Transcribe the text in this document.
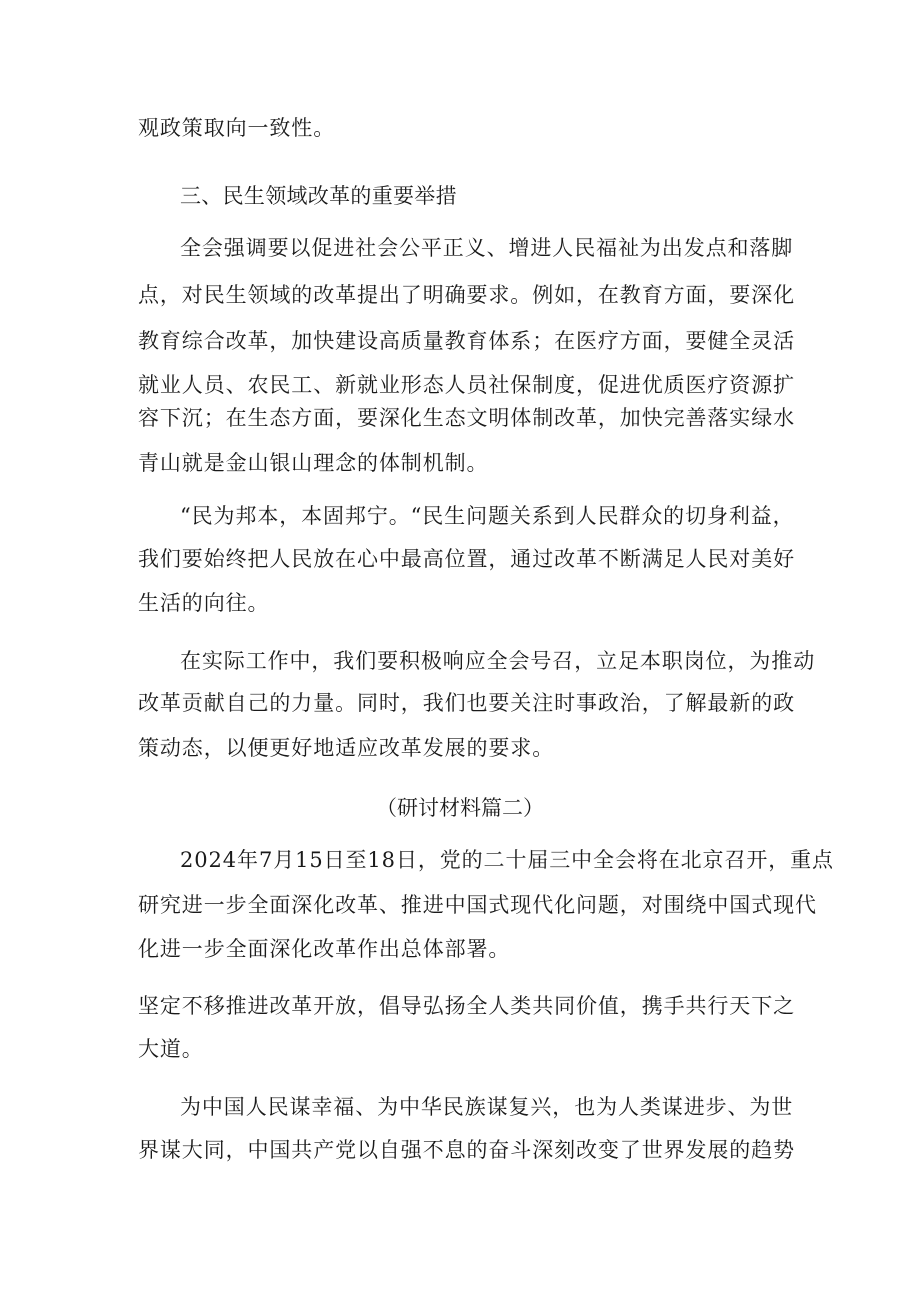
观政策取向一致性。
三、民生领域改革的重要举措
全会强调要以促进社会公平正义、增进人民福祉为出发点和落脚
点，对民生领域的改革提出了明确要求。例如，在教育方面，要深化
教育综合改革，加快建设高质量教育体系；在医疗方面，要健全灵活
就业人员、农民工、新就业形态人员社保制度，促进优质医疗资源扩
容下沉；在生态方面，要深化生态文明体制改革，加快完善落实绿水
青山就是金山银山理念的体制机制。
“民为邦本，本固邦宁。“民生问题关系到人民群众的切身利益，
我们要始终把人民放在心中最高位置，通过改革不断满足人民对美好
生活的向往。
在实际工作中，我们要积极响应全会号召，立足本职岗位，为推动
改革贡献自己的力量。同时，我们也要关注时事政治，了解最新的政
策动态，以便更好地适应改革发展的要求。
（研讨材料篇二）
2024年7月15日至18日，党的二十届三中全会将在北京召开，重点
研究进一步全面深化改革、推进中国式现代化问题，对围绕中国式现代
化进一步全面深化改革作出总体部署。
坚定不移推进改革开放，倡导弘扬全人类共同价值，携手共行天下之
大道。
为中国人民谋幸福、为中华民族谋复兴，也为人类谋进步、为世
界谋大同，中国共产党以自强不息的奋斗深刻改变了世界发展的趋势
